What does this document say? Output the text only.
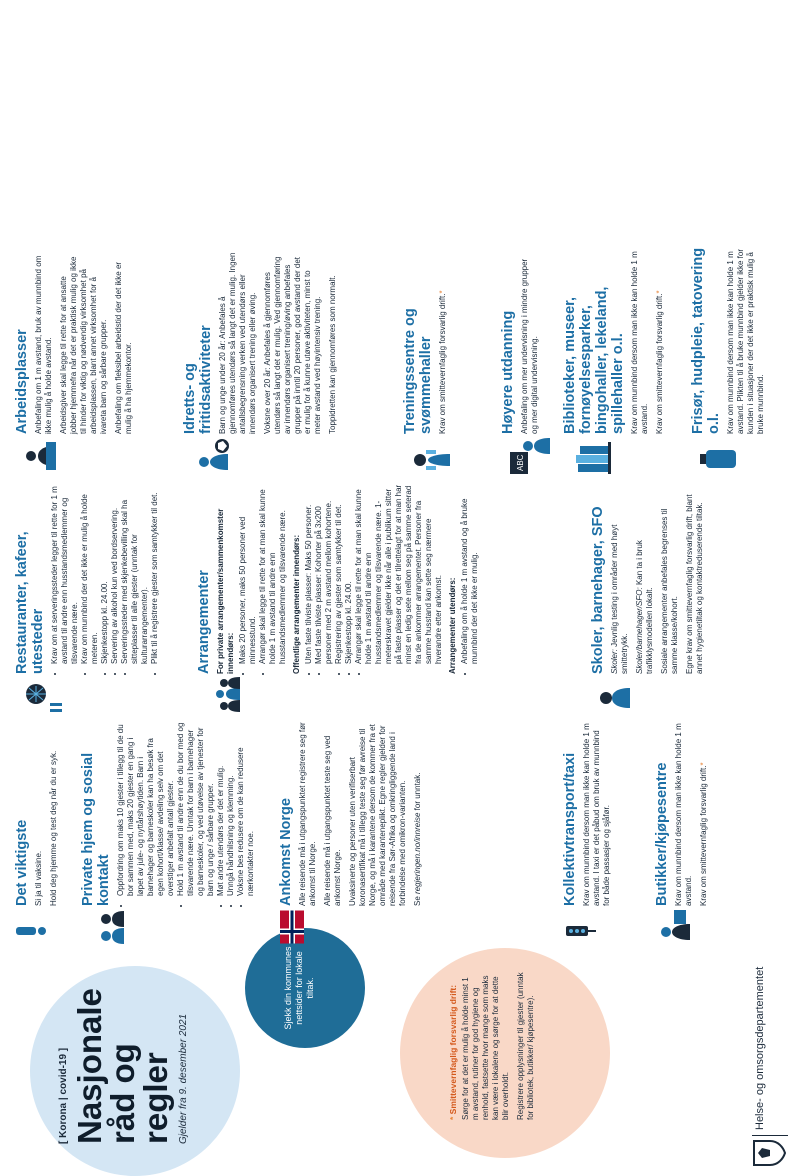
[ Korona | covid-19 ] Nasjonale råd og regler Gjelder fra 9. desember 2021
Sjekk din kommunes nettsider for lokale tiltak.
* Smittevernfaglig forsvarlig drift: Sørge for at det er mulig å holde minst 1 m avstand, rutiner for god hygiene og renhold, fastsette hvor mange som maks kan være i lokalene og sørge for at dette blir overholdt. Registrere opplysninger til gjester (unntak for bibliotek, butikker/ kjøpesentre).	Helse- og omsorgsdepartementet
Det viktigste Si ja til vaksine. Hold deg hjemme og test deg når du er syk. Private hjem og sosial kontakt • Oppfordring om maks 10 gjester i tillegg til de du bor sammen med, maks 20 gjester en gang i løpet av jule- og nyttårshøytiden. Barn i barnehager og barneskoler kan ha besøk fra egen kohort/klasse/ avdeling selv om det overstiger anbefalt antall gjester. • Hold 1 m avstand til andre enn de du bor med og tilsvarende nære. Unntak for barn i barnehager og barneskoler, og ved utøvelse av tjenester for barn og unge / sårbare grupper. • Møt andre utendørs der det er mulig. • Unngå håndhilsning og klemming. • Voksne bes redusere om de kan redusere nærkontakter noe. Ankomst Norge Alle reisende må i utgangspunktet registrere seg før ankomst til Norge. Alle reisende må i utgangspunktet teste seg ved ankomst Norge. Uvaksinerte og personer uten verifiserbart koronasertifikat må i tillegg teste seg før avreise til Norge, og må i karantene dersom de kommer fra et område med karanteneplikt. Egne regler gjelder for reisende fra Sør-Afrika og omkringliggende land i forbindelse med omikron-varianten. Se regjeringen.no/innreise for unntak.	Kollektivtransport/taxi Krav om munnbind dersom man ikke kan holde 1 m avstand. I taxi er det påbud om bruk av munnbind for både passasjer og sjåfør.	Butikker/kjøpesentre Krav om munnbind dersom man ikke kan holde 1 m avstand. Krav om smittevernfaglig forsvarlig drift.*
Restauranter, kafeer, utesteder • Krav om at serveringssteder legger til rette for 1 m avstand til andre enn husstandsmedlemmer og tilsvarende nære. • Krav om munnbind der det ikke er mulig å holde meteren. • Skjenkestopp kl. 24.00. • Servering av alkohol kun ved bordservering. • Serveringssteder med skjenkebevilling skal ha sitteplasser til alle gjester (unntak for kulturarrangementer). • Plikt til å registrere gjester som samtykker til det.	Arrangementer For private arrangementer/sammenkomster innendørs: • Maks 20 personer, maks 50 personer ved minnesstund. • Arrangør skal legge til rette for at man skal kunne holde 1 m avstand til andre enn husstandsmedlemmer og tilsvarende nære. Offentlige arrangementer innendørs: • Uten faste tilviste plasser: Maks 50 personer. • Med faste tilviste plasser: Kohorter på 3x200 personer med 2 m avstand mellom kohortene. • Registrering av gjester som samtykker til det. • Skjenkestopp kl. 24.00. • Arrangør skal legge til rette for at man skal kunne holde 1 m avstand til andre enn husstandsmedlemmer og tilsvarende nære. 1-meterskravet gjelder ikke når alle i publikum sitter på faste plasser og det er tilrettelagt for at man har minst en ledig sete mellom seg på samme seterad fra de ankommer arrangementet. Personer fra samme husstand kan sette seg nærmere hverandre etter ankomst. Arrangementer utendørs: • Anbefaling om å holde 1 m avstand og å bruke munnbind der det ikke er mulig.	Skoler, barnehager, SFO Skoler: Jevnlig testing i områder med høyt smittetrykk. Skoler/barnehager/SFO: Kan ta i bruk trafikklysmodellen lokalt. Sosiale arrangementer anbefales begrenses til samme klasse/kohort. Egne krav om smittevernfaglig forsvarlig drift, blant annet hygienetiltak og kontaktreduserende tiltak.
Arbeidsplasser Anbefaling om 1 m avstand, bruk av munnbind om ikke mulig å holde avstand. Arbeidsgiver skal legge til rette for at ansatte jobber hjemmefra når det er praktisk mulig og ikke til hinder for viktig og nødvendig virksomhet på arbeidsplassen, blant annet virksomhet for å ivareta barn og sårbare grupper. Anbefaling om fleksibel arbeidstid der det ikke er mulig å ha hjemmekontor.	Idretts- og fritidsaktiviteter Barn og unge under 20 år: Anbefales å gjennomføres utendørs så langt det er mulig. Ingen antallsbegrensning verken ved utendørs eller innendørs organisert trening eller øving. Voksne over 20 år: Anbefales å gjennomføres utendørs så langt det er mulig. Ved gjennomføring av innendørs organisert trening/øving anbefales grupper på inntil 20 personer, god avstand der det er mulig for å kunne utøve aktiviteten, minst to meter avstand ved høyintensiv trening. Toppidretten kan gjennomføres som normalt.	Treningssentre og svømmehaller Krav om smittevernfaglig forsvarlig drift.*
ABC
Høyere utdanning Anbefaling om mer undervisning i mindre grupper og mer digital undervisning. Biblioteker, museer, fornøyelsesparker, bingohaller, lekeland, spillehaller o.l. Krav om munnbind dersom man ikke kan holde 1 m avstand. Krav om smittevernfaglig forsvarlig drift.* Frisør, hudpleie, tatovering o.l. Krav om munnbind dersom man ikke kan holde 1 m avstand. Plikten til å bruke munnbind gjelder ikke for kunden i situasjoner der det ikke er praktisk mulig å bruke munnbind.
